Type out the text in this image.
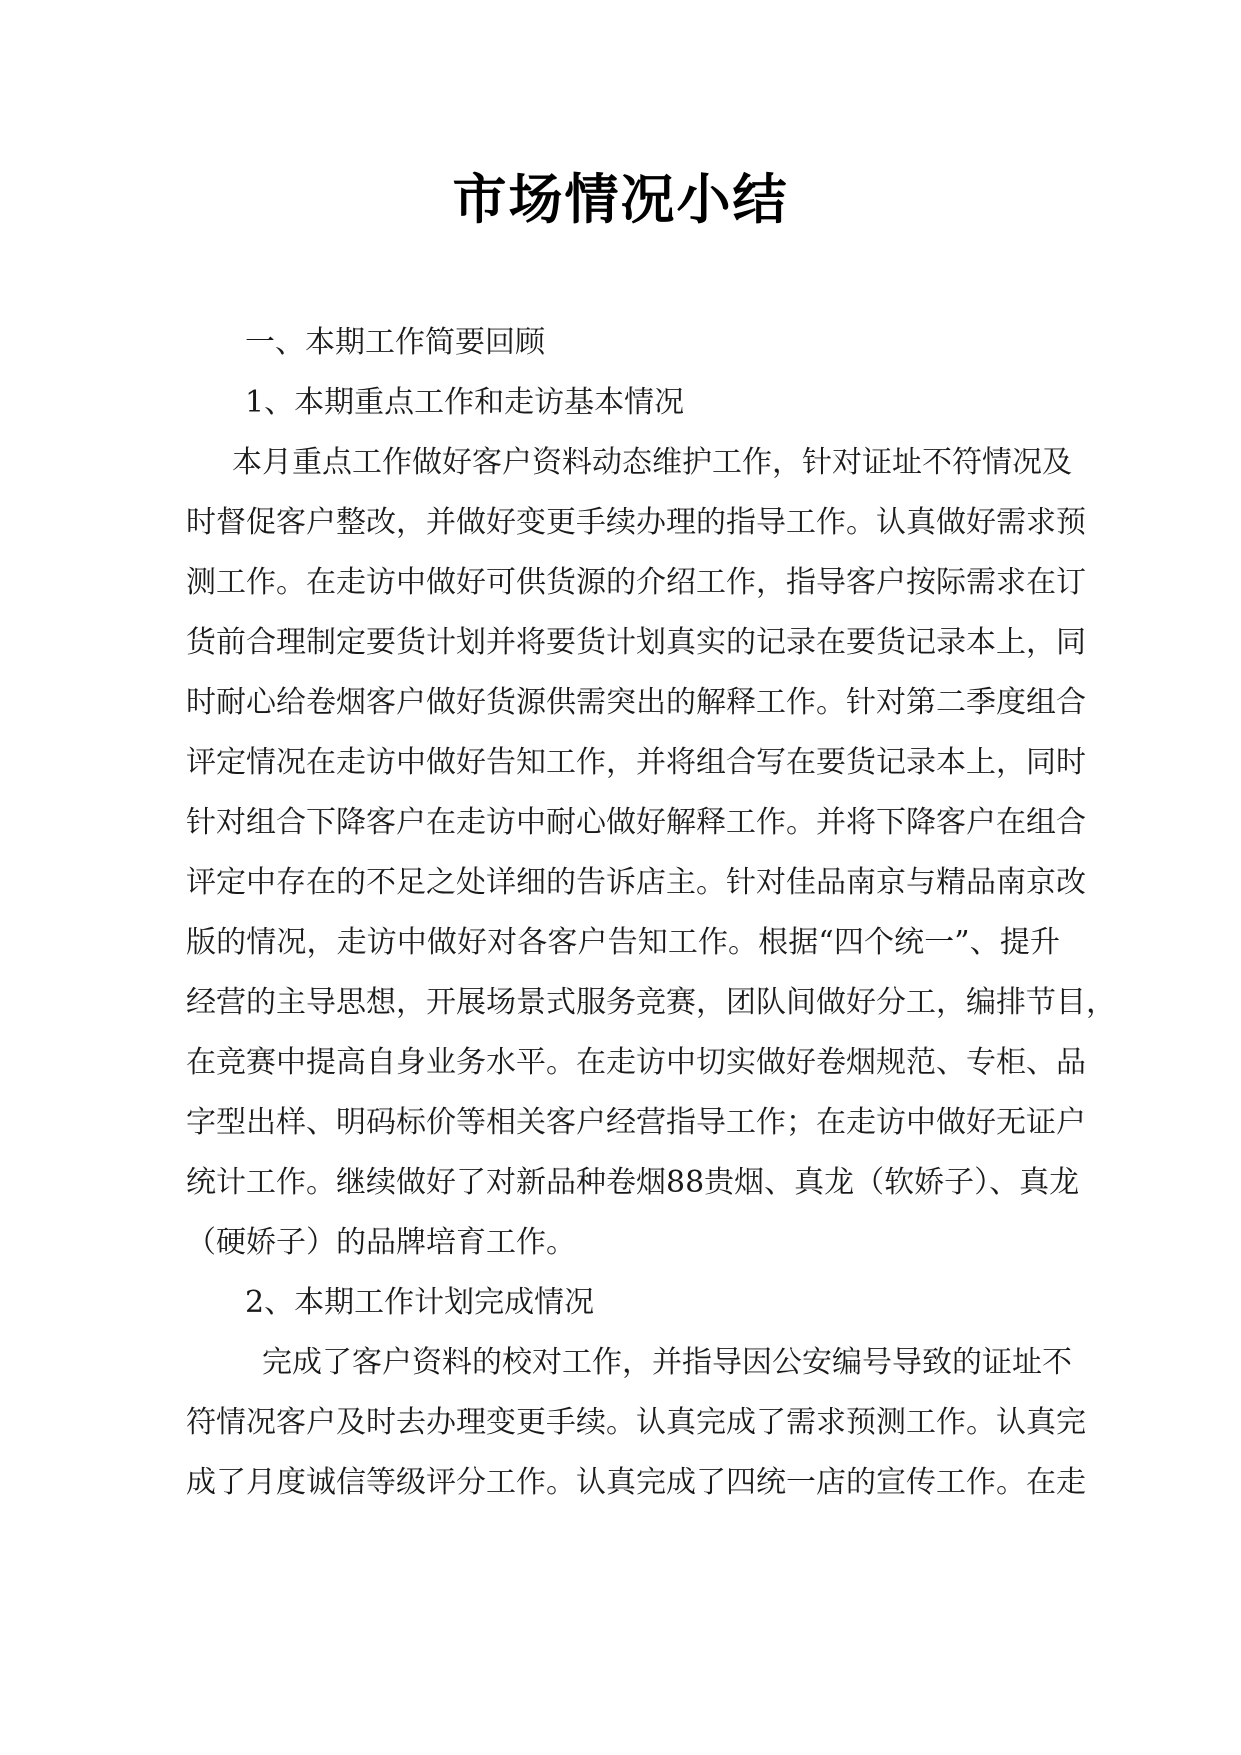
市场情况小结
一、本期工作简要回顾
1、本期重点工作和走访基本情况
本月重点工作做好客户资料动态维护工作，针对证址不符情况及
时督促客户整改，并做好变更手续办理的指导工作。认真做好需求预
测工作。在走访中做好可供货源的介绍工作，指导客户按际需求在订
货前合理制定要货计划并将要货计划真实的记录在要货记录本上，同
时耐心给卷烟客户做好货源供需突出的解释工作。针对第二季度组合
评定情况在走访中做好告知工作，并将组合写在要货记录本上，同时
针对组合下降客户在走访中耐心做好解释工作。并将下降客户在组合
评定中存在的不足之处详细的告诉店主。针对佳品南京与精品南京改
版的情况，走访中做好对各客户告知工作。根据“四个统一”、提升
经营的主导思想，开展场景式服务竞赛，团队间做好分工，编排节目，
在竞赛中提高自身业务水平。在走访中切实做好卷烟规范、专柜、品
字型出样、明码标价等相关客户经营指导工作；在走访中做好无证户
统计工作。继续做好了对新品种卷烟88贵烟、真龙（软娇子）、真龙
（硬娇子）的品牌培育工作。
2、本期工作计划完成情况
完成了客户资料的校对工作，并指导因公安编号导致的证址不
符情况客户及时去办理变更手续。认真完成了需求预测工作。认真完
成了月度诚信等级评分工作。认真完成了四统一店的宣传工作。在走
